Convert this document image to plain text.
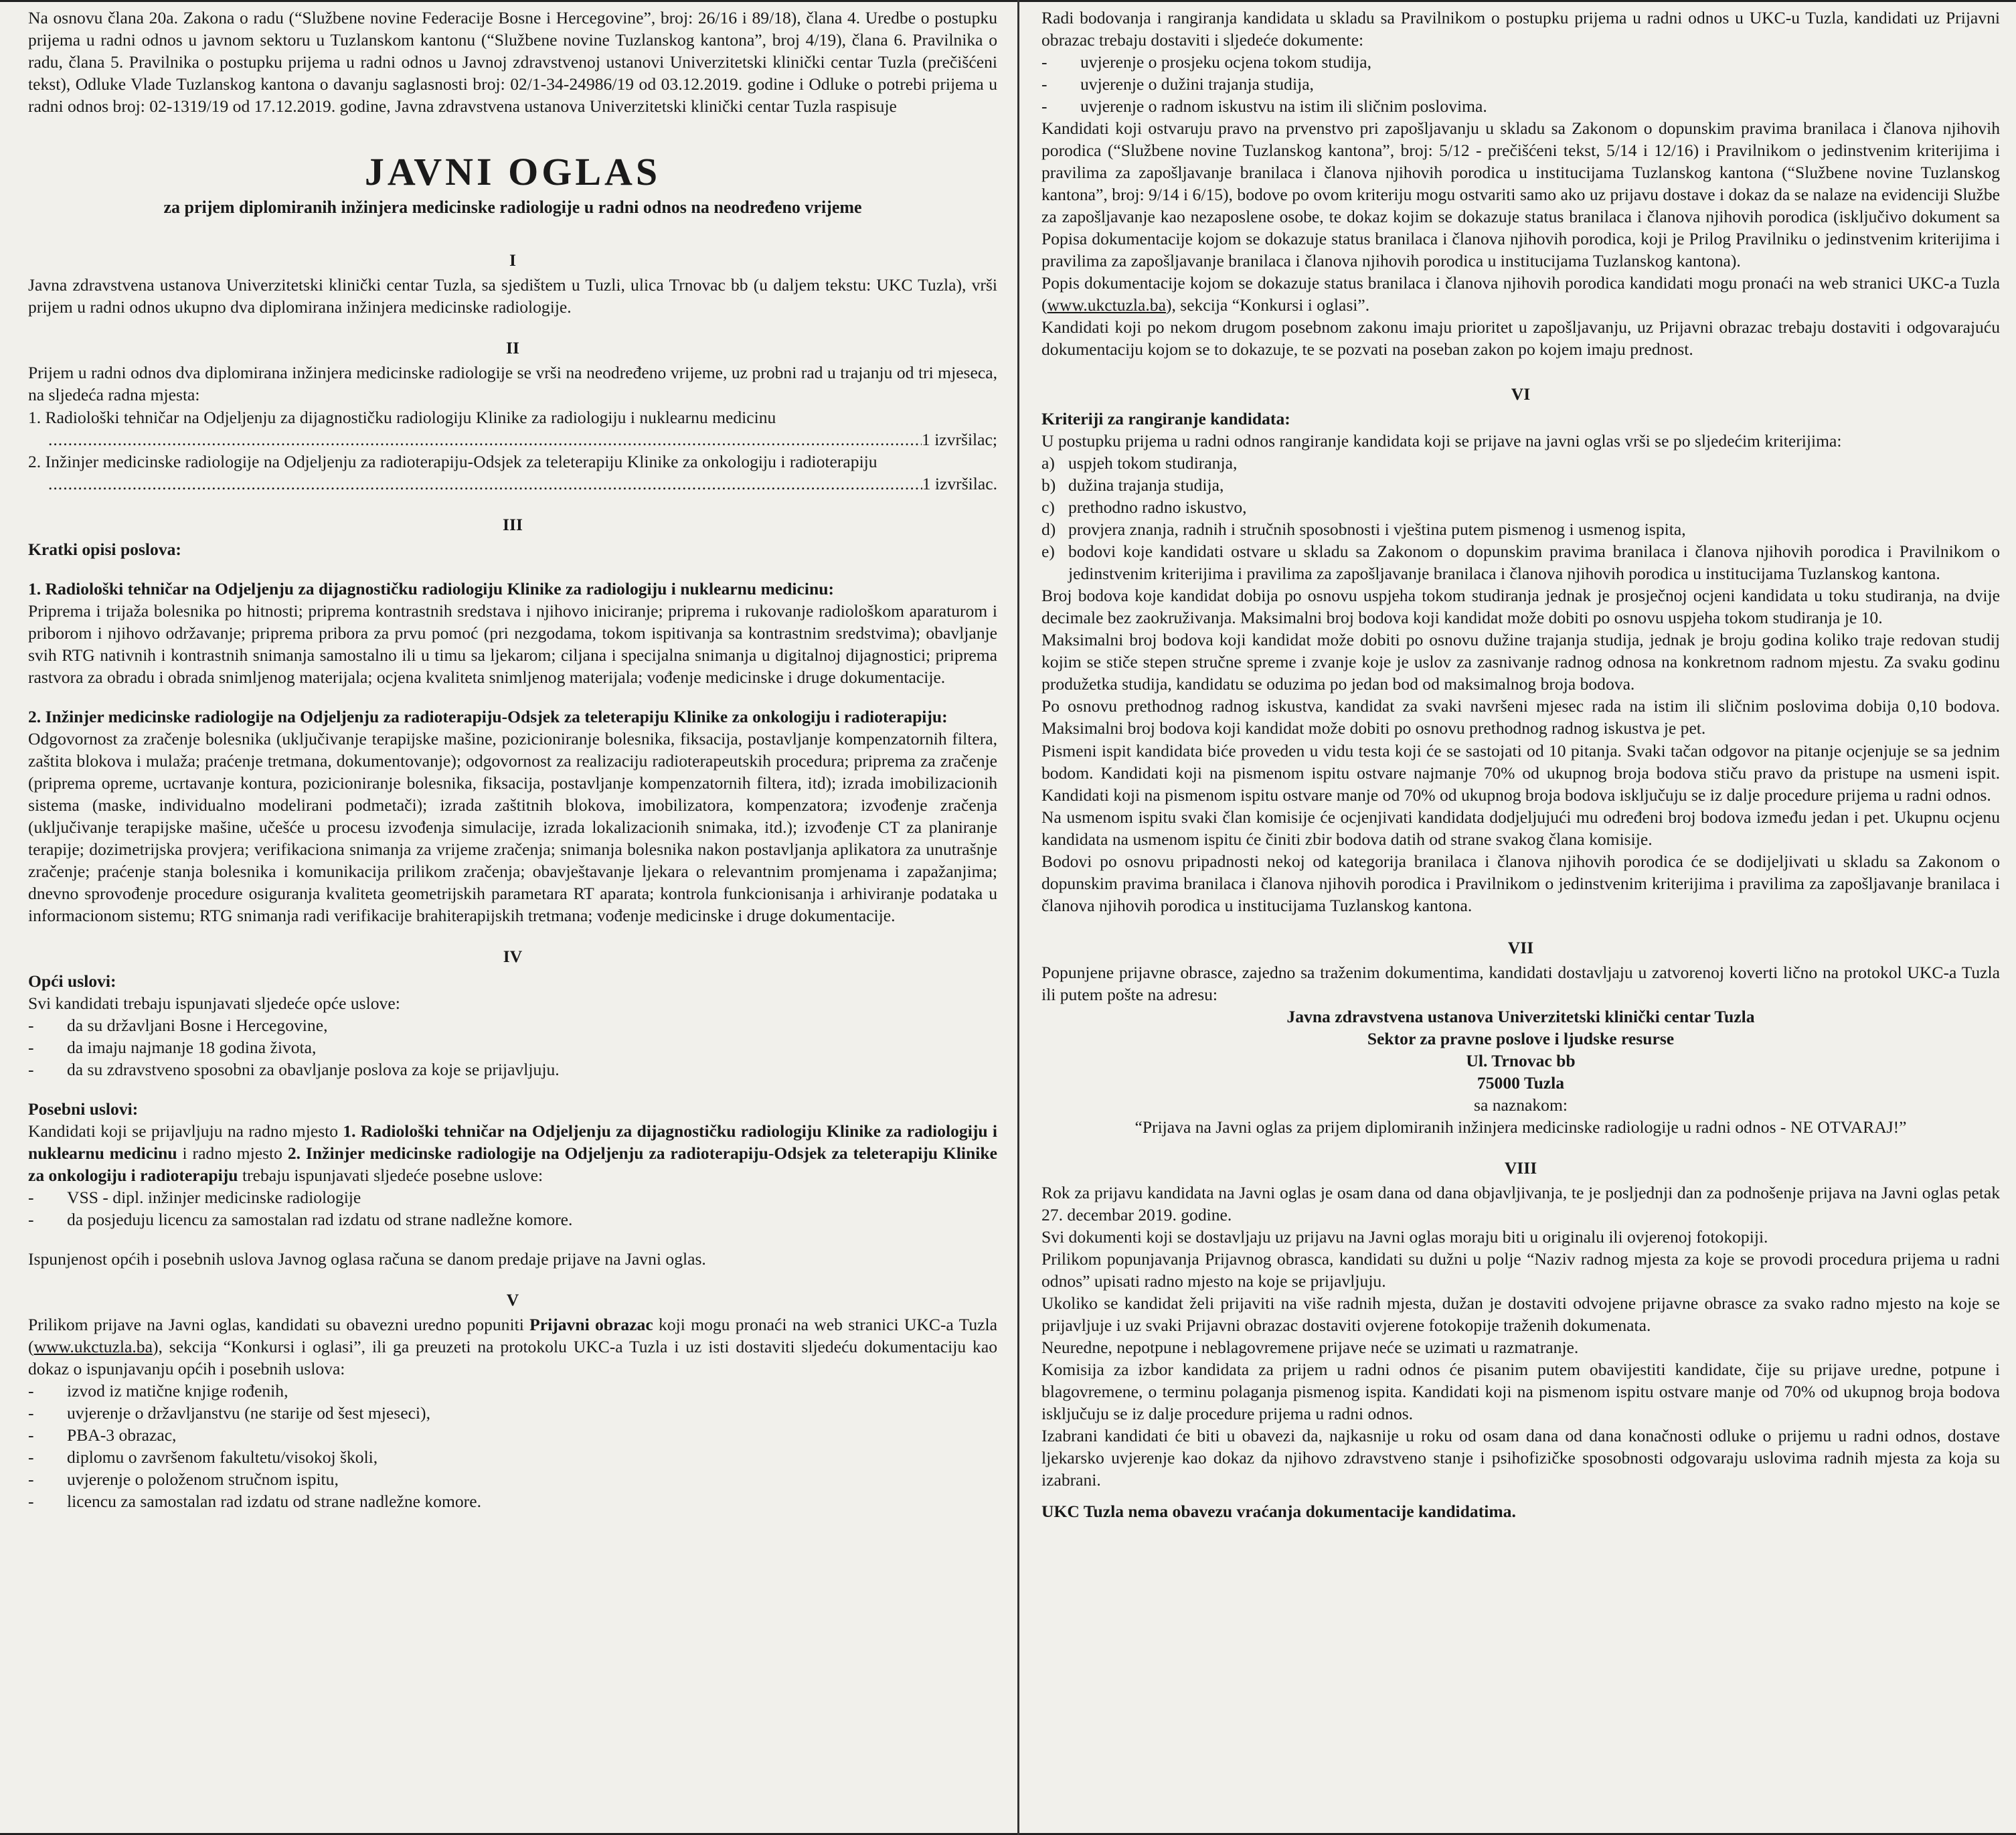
Na osnovu člana 20a. Zakona o radu (“Službene novine Federacije Bosne i Hercegovine”, broj: 26/16 i 89/18), člana 4. Uredbe o postupku prijema u radni odnos u javnom sektoru u Tuzlanskom kantonu (“Službene novine Tuzlanskog kantona”, broj 4/19), člana 6. Pravilnika o radu, člana 5. Pravilnika o postupku prijema u radni odnos u Javnoj zdravstvenoj ustanovi Univerzitetski klinički centar Tuzla (prečišćeni tekst), Odluke Vlade Tuzlanskog kantona o davanju saglasnosti broj: 02/1-34-24986/19 od 03.12.2019. godine i Odluke o potrebi prijema u radni odnos broj: 02-1319/19 od 17.12.2019. godine, Javna zdravstvena ustanova Univerzitetski klinički centar Tuzla raspisuje

JAVNI OGLAS
za prijem diplomiranih inžinjera medicinske radiologije u radni odnos na neodređeno vrijeme
I

Javna zdravstvena ustanova Univerzitetski klinički centar Tuzla, sa sjedištem u Tuzli, ulica Trnovac bb (u daljem tekstu: UKC Tuzla), vrši prijem u radni odnos ukupno dva diplomirana inžinjera medicinske radiologije.

II

Prijem u radni odnos dva diplomirana inžinjera medicinske radiologije se vrši na neodređeno vrijeme, uz probni rad u trajanju od tri mjeseca, na sljedeća radna mjesta:

1. Radiološki tehničar na Odjeljenju za dijagnostičku radiologiju Klinike za radiologiju i nuklearnu medicinu

.....
1 izvršilac;

2. Inžinjer medicinske radiologije na Odjeljenju za radioterapiju-Odsjek za teleterapiju Klinike za onkologiju i radioterapiju

.....
1 izvršilac.
III

Kratki opisi poslova:

1. Radiološki tehničar na Odjeljenju za dijagnostičku radiologiju Klinike za radiologiju i nuklearnu medicinu:

Priprema i trijaža bolesnika po hitnosti; priprema kontrastnih sredstava i njihovo iniciranje; priprema i rukovanje radiološkom aparaturom i priborom i njihovo održavanje; priprema pribora za prvu pomoć (pri nezgodama, tokom ispitivanja sa kontrastnim sredstvima); obavljanje svih RTG nativnih i kontrastnih snimanja samostalno ili u timu sa ljekarom; ciljana i specijalna snimanja u digitalnoj dijagnostici; priprema rastvora za obradu i obrada snimljenog materijala; ocjena kvaliteta snimljenog materijala; vođenje medicinske i druge dokumentacije.

2. Inžinjer medicinske radiologije na Odjeljenju za radioterapiju-Odsjek za teleterapiju Klinike za onkologiju i radioterapiju:

Odgovornost za zračenje bolesnika (uključivanje terapijske mašine, pozicioniranje bolesnika, fiksacija, postavljanje kompenzatornih filtera, zaštita blokova i mulaža; praćenje tretmana, dokumentovanje); odgovornost za realizaciju radioterapeutskih procedura; priprema za zračenje (priprema opreme, ucrtavanje kontura, pozicioniranje bolesnika, fiksacija, postavljanje kompenzatornih filtera, itd); izrada imobilizacionih sistema (maske, individualno modelirani podmetači); izrada zaštitnih blokova, imobilizatora, kompenzatora; izvođenje zračenja (uključivanje terapijske mašine, učešće u procesu izvođenja simulacije, izrada lokalizacionih snimaka, itd.); izvođenje CT za planiranje terapije; dozimetrijska provjera; verifikaciona snimanja za vrijeme zračenja; snimanja bolesnika nakon postavljanja aplikatora za unutrašnje zračenje; praćenje stanja bolesnika i komunikacija prilikom zračenja; obavještavanje ljekara o relevantnim promjenama i zapažanjima; dnevno sprovođenje procedure osiguranja kvaliteta geometrijskih parametara RT aparata; kontrola funkcionisanja i arhiviranje podataka u informacionom sistemu; RTG snimanja radi verifikacije brahiterapijskih tretmana; vođenje medicinske i druge dokumentacije.

IV

Opći uslovi:

Svi kandidati trebaju ispunjavati sljedeće opće uslove:

- da su državljani Bosne i Hercegovine,
- da imaju najmanje 18 godina života,
- da su zdravstveno sposobni za obavljanje poslova za koje se prijavljuju.

Posebni uslovi:

Kandidati koji se prijavljuju na radno mjesto 1. Radiološki tehničar na Odjeljenju za dijagnostičku radiologiju Klinike za radiologiju i nuklearnu medicinu i radno mjesto 2. Inžinjer medicinske radiologije na Odjeljenju za radioterapiju-Odsjek za teleterapiju Klinike za onkologiju i radioterapiju trebaju ispunjavati sljedeće posebne uslove:

- VSS - dipl. inžinjer medicinske radiologije
- da posjeduju licencu za samostalan rad izdatu od strane nadležne komore.

Ispunjenost općih i posebnih uslova Javnog oglasa računa se danom predaje prijave na Javni oglas.

V

Prilikom prijave na Javni oglas, kandidati su obavezni uredno popuniti Prijavni obrazac koji mogu pronaći na web stranici UKC-a Tuzla (www.ukctuzla.ba), sekcija “Konkursi i oglasi”, ili ga preuzeti na protokolu UKC-a Tuzla i uz isti dostaviti sljedeću dokumentaciju kao dokaz o ispunjavanju općih i posebnih uslova:

- izvod iz matične knjige rođenih,
- uvjerenje o državljanstvu (ne starije od šest mjeseci),
- PBA-3 obrazac,
- diplomu o završenom fakultetu/visokoj školi,
- uvjerenje o položenom stručnom ispitu,
- licencu za samostalan rad izdatu od strane nadležne komore.

Radi bodovanja i rangiranja kandidata u skladu sa Pravilnikom o postupku prijema u radni odnos u UKC-u Tuzla, kandidati uz Prijavni obrazac trebaju dostaviti i sljedeće dokumente:

- uvjerenje o prosjeku ocjena tokom studija,
- uvjerenje o dužini trajanja studija,
- uvjerenje o radnom iskustvu na istim ili sličnim poslovima.

Kandidati koji ostvaruju pravo na prvenstvo pri zapošljavanju u skladu sa Zakonom o dopunskim pravima branilaca i članova njihovih porodica (“Službene novine Tuzlanskog kantona”, broj: 5/12 - prečišćeni tekst, 5/14 i 12/16) i Pravilnikom o jedinstvenim kriterijima i pravilima za zapošljavanje branilaca i članova njihovih porodica u institucijama Tuzlanskog kantona (“Službene novine Tuzlanskog kantona”, broj: 9/14 i 6/15), bodove po ovom kriteriju mogu ostvariti samo ako uz prijavu dostave i dokaz da se nalaze na evidenciji Službe za zapošljavanje kao nezaposlene osobe, te dokaz kojim se dokazuje status branilaca i članova njihovih porodica (isključivo dokument sa Popisa dokumentacije kojom se dokazuje status branilaca i članova njihovih porodica, koji je Prilog Pravilniku o jedinstvenim kriterijima i pravilima za zapošljavanje branilaca i članova njihovih porodica u institucijama Tuzlanskog kantona).

Popis dokumentacije kojom se dokazuje status branilaca i članova njihovih porodica kandidati mogu pronaći na web stranici UKC-a Tuzla (www.ukctuzla.ba), sekcija “Konkursi i oglasi”.

Kandidati koji po nekom drugom posebnom zakonu imaju prioritet u zapošljavanju, uz Prijavni obrazac trebaju dostaviti i odgovarajuću dokumentaciju kojom se to dokazuje, te se pozvati na poseban zakon po kojem imaju prednost.

VI

Kriteriji za rangiranje kandidata:

U postupku prijema u radni odnos rangiranje kandidata koji se prijave na javni oglas vrši se po sljedećim kriterijima:

a) uspjeh tokom studiranja,
b) dužina trajanja studija,
c) prethodno radno iskustvo,
d) provjera znanja, radnih i stručnih sposobnosti i vještina putem pismenog i usmenog ispita,
e) bodovi koje kandidati ostvare u skladu sa Zakonom o dopunskim pravima branilaca i članova njihovih porodica i Pravilnikom o jedinstvenim kriterijima i pravilima za zapošljavanje branilaca i članova njihovih porodica u institucijama Tuzlanskog kantona.

Broj bodova koje kandidat dobija po osnovu uspjeha tokom studiranja jednak je prosječnoj ocjeni kandidata u toku studiranja, na dvije decimale bez zaokruživanja. Maksimalni broj bodova koji kandidat može dobiti po osnovu uspjeha tokom studiranja je 10.

Maksimalni broj bodova koji kandidat može dobiti po osnovu dužine trajanja studija, jednak je broju godina koliko traje redovan studij kojim se stiče stepen stručne spreme i zvanje koje je uslov za zasnivanje radnog odnosa na konkretnom radnom mjestu. Za svaku godinu produžetka studija, kandidatu se oduzima po jedan bod od maksimalnog broja bodova.

Po osnovu prethodnog radnog iskustva, kandidat za svaki navršeni mjesec rada na istim ili sličnim poslovima dobija 0,10 bodova. Maksimalni broj bodova koji kandidat može dobiti po osnovu prethodnog radnog iskustva je pet.

Pismeni ispit kandidata biće proveden u vidu testa koji će se sastojati od 10 pitanja. Svaki tačan odgovor na pitanje ocjenjuje se sa jednim bodom. Kandidati koji na pismenom ispitu ostvare najmanje 70% od ukupnog broja bodova stiču pravo da pristupe na usmeni ispit. Kandidati koji na pismenom ispitu ostvare manje od 70% od ukupnog broja bodova isključuju se iz dalje procedure prijema u radni odnos.

Na usmenom ispitu svaki član komisije će ocjenjivati kandidata dodjeljujući mu određeni broj bodova između jedan i pet. Ukupnu ocjenu kandidata na usmenom ispitu će činiti zbir bodova datih od strane svakog člana komisije.

Bodovi po osnovu pripadnosti nekoj od kategorija branilaca i članova njihovih porodica će se dodijeljivati u skladu sa Zakonom o dopunskim pravima branilaca i članova njihovih porodica i Pravilnikom o jedinstvenim kriterijima i pravilima za zapošljavanje branilaca i članova njihovih porodica u institucijama Tuzlanskog kantona.

VII

Popunjene prijavne obrasce, zajedno sa traženim dokumentima, kandidati dostavljaju u zatvorenoj koverti lično na protokol UKC-a Tuzla ili putem pošte na adresu:

Javna zdravstvena ustanova Univerzitetski klinički centar Tuzla
Sektor za pravne poslove i ljudske resurse
Ul. Trnovac bb
75000 Tuzla
sa naznakom:
“Prijava na Javni oglas za prijem diplomiranih inžinjera medicinske radiologije u radni odnos - NE OTVARAJ!”
VIII

Rok za prijavu kandidata na Javni oglas je osam dana od dana objavljivanja, te je posljednji dan za podnošenje prijava na Javni oglas petak 27. decembar 2019. godine.

Svi dokumenti koji se dostavljaju uz prijavu na Javni oglas moraju biti u originalu ili ovjerenoj fotokopiji.

Prilikom popunjavanja Prijavnog obrasca, kandidati su dužni u polje “Naziv radnog mjesta za koje se provodi procedura prijema u radni odnos” upisati radno mjesto na koje se prijavljuju.

Ukoliko se kandidat želi prijaviti na više radnih mjesta, dužan je dostaviti odvojene prijavne obrasce za svako radno mjesto na koje se prijavljuje i uz svaki Prijavni obrazac dostaviti ovjerene fotokopije traženih dokumenata.

Neuredne, nepotpune i neblagovremene prijave neće se uzimati u razmatranje.

Komisija za izbor kandidata za prijem u radni odnos će pisanim putem obavijestiti kandidate, čije su prijave uredne, potpune i blagovremene, o terminu polaganja pismenog ispita. Kandidati koji na pismenom ispitu ostvare manje od 70% od ukupnog broja bodova isključuju se iz dalje procedure prijema u radni odnos.

Izabrani kandidati će biti u obavezi da, najkasnije u roku od osam dana od dana konačnosti odluke o prijemu u radni odnos, dostave ljekarsko uvjerenje kao dokaz da njihovo zdravstveno stanje i psihofizičke sposobnosti odgovaraju uslovima radnih mjesta za koja su izabrani.

UKC Tuzla nema obavezu vraćanja dokumentacije kandidatima.
